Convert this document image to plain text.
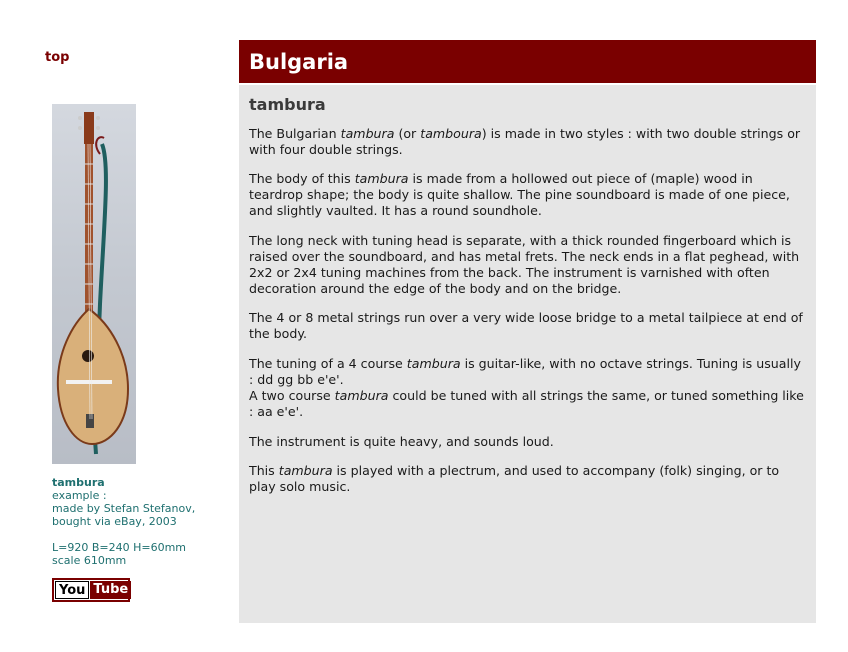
top
tambura
example :
made by Stefan Stefanov,
bought via eBay, 2003
L=920 B=240 H=60mm
scale 610mm
You Tube
Bulgaria
tambura

The Bulgarian tambura (or tamboura) is made in two styles : with two double strings or with four double strings.

The body of this tambura is made from a hollowed out piece of (maple) wood in teardrop shape; the body is quite shallow. The pine soundboard is made of one piece, and slightly vaulted. It has a round soundhole.

The long neck with tuning head is separate, with a thick rounded fingerboard which is raised over the soundboard, and has metal frets. The neck ends in a flat peghead, with 2x2 or 2x4 tuning machines from the back. The instrument is varnished with often decoration around the edge of the body and on the bridge.

The 4 or 8 metal strings run over a very wide loose bridge to a metal tailpiece at end of the body.

The tuning of a 4 course tambura is guitar-like, with no octave strings. Tuning is usually : dd gg bb e'e'.
A two course tambura could be tuned with all strings the same, or tuned something like : aa e'e'.

The instrument is quite heavy, and sounds loud.

This tambura is played with a plectrum, and used to accompany (folk) singing, or to play solo music.
